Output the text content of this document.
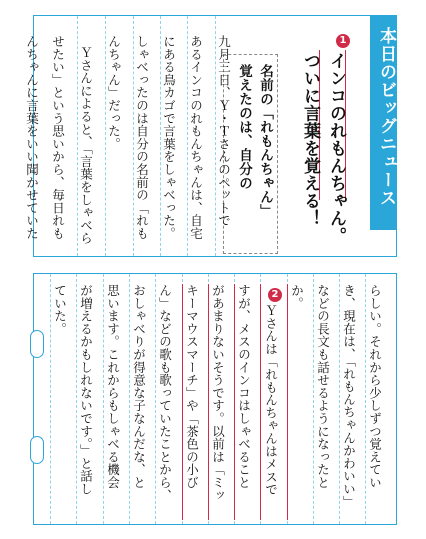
本日のビッグニュース
1
インコのれもんちゃん。
ついに言葉を覚える！
覚えたのは、自分の 名前の「れもんちゃん」
九月三日、Ｙ・Ｔさんのペットで
あるインコのれもんちゃんは、自宅
にある鳥カゴで言葉をしゃべった。
しゃべったのは自分の名前の「れも
んちゃん」だった。
Ｙさんによると、「言葉をしゃべら
せたい」という思いから、毎日れも
んちゃんに言葉をいい聞かせていた
らしい。それから少しずつ覚えてい
き、現在は、「れもんちゃんかわいい」
などの長文も話せるようになったと
か。
2
Ｙさんは「れもんちゃんはメスで
すが、メスのインコはしゃべること
があまりないそうです。以前は「ミッ
キーマウスマーチ」や「茶色の小び
ん」などの歌も歌っていたことから、
おしゃべりが得意な子なんだな、と
思います。これからもしゃべる機会
が増えるかもしれないです。」と話し
ていた。
